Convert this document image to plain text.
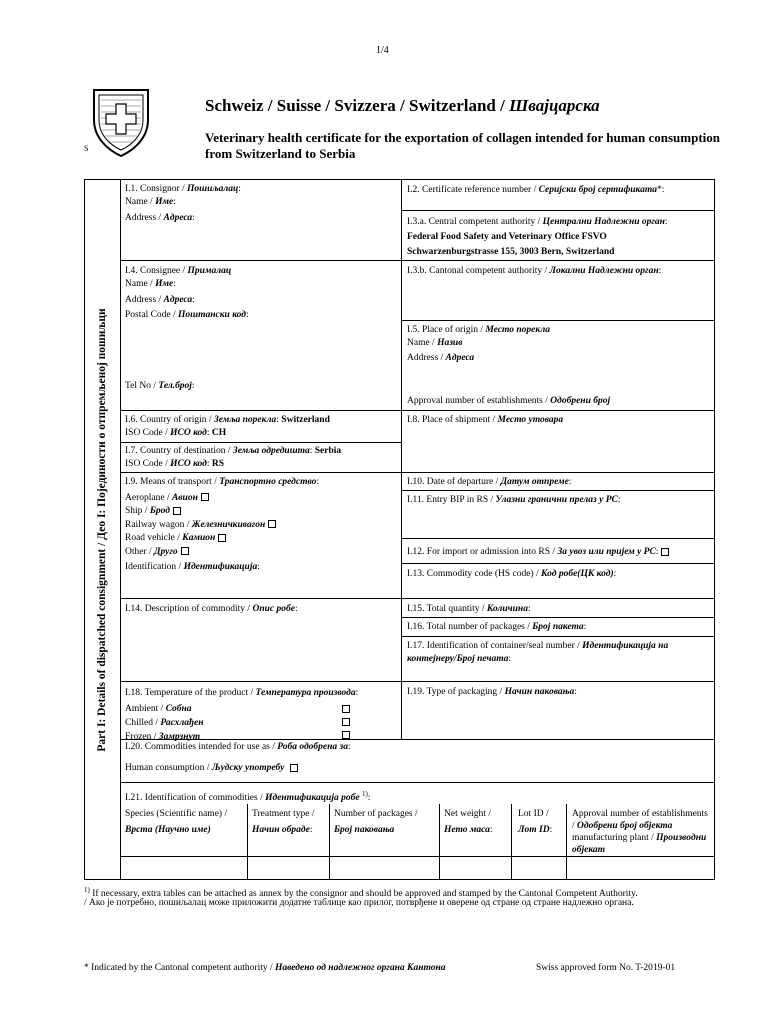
1/4
S
Schweiz / Suisse / Svizzera / Switzerland / Швајцарска
Veterinary health certificate for the exportation of collagen intended for human consumption from Switzerland to Serbia
Part I: Details of dispatched consignment / Део I: Појединости о отпремљеној пошиљци
I.1. Consignor / Пошиљалац:
Name / Име:
Address / Адреса:
I.2. Certificate reference number / Серијски број сертификата*:
I.3.a. Central competent authority / Централни Надлежни орган:
Federal Food Safety and Veterinary Office FSVO
Schwarzenburgstrasse 155, 3003 Bern, Switzerland
I.4. Consignee / Прималац
Name / Име:
Address / Адреса:
Postal Code / Поштански код:
Tel No / Тел.број:
I.3.b. Cantonal competent authority / Локални Надлежни орган:
I.5. Place of origin / Место порекла
Name / Назив
Address / Адреса
Approval number of establishments / Одобрени број
I.6. Country of origin / Земља порекла: Switzerland
ISO Code / ИСО код: CH
I.7. Country of destination / Земља одредишта: Serbia
ISO Code / ИСО код: RS
I.8. Place of shipment / Место утовара
I.9. Means of transport / Транспортно средство:
Aeroplane / Авион
Ship / Брод
Railway wagon / Железничкивагон
Road vehicle / Камион
Other / Друго
Identification / Идентификација:
I.10. Date of departure / Датум отпреме:
I.11. Entry BIP in RS / Улазни гранични прелаз у РС:
I.12. For import or admission into RS / За увоз или пријем у РС:
I.13. Commodity code (HS code) / Код робе(ЦК код):
I.14. Description of commodity / Опис робе:	I.15. Total quantity / Количина:
I.16. Total number of packages / Број пакета:
I.17. Identification of container/seal number / Идентификација на контејнеру/Број печата:
I.18. Temperature of the product / Температура производа:
Ambient / Собна
Chilled / Расхлађен
Frozen / Замрзнут
I.19. Type of packaging / Начин паковања:
I.20. Commodities intended for use as / Роба одобрена за:
Human consumption / Људску употребу
I.21. Identification of commodities / Идентификација робе $^{1)}$:
Species (Scientific name) /
Врста (Научно име)
Treatment type /
Начин обраде:
Number of packages /
Број паковања
Net weight /
Нето маса:
Lot ID /
Лот ID:
Approval number of establishments / Одобрени број објекта manufacturing plant / Произвoдни објекат
$^{1)}$ If necessary, extra tables can be attached as annex by the consignor and should be approved and stamped by the Cantonal Competent Authority.
/ Ако је потребно, пошиљалац може приложити додатне таблице као прилог, потврђене и оверене од стране од стране надлежно органа.
* Indicated by the Cantonal competent authority / Наведено од надлежног органа Кантона	Swiss approved form No. T-2019-01
